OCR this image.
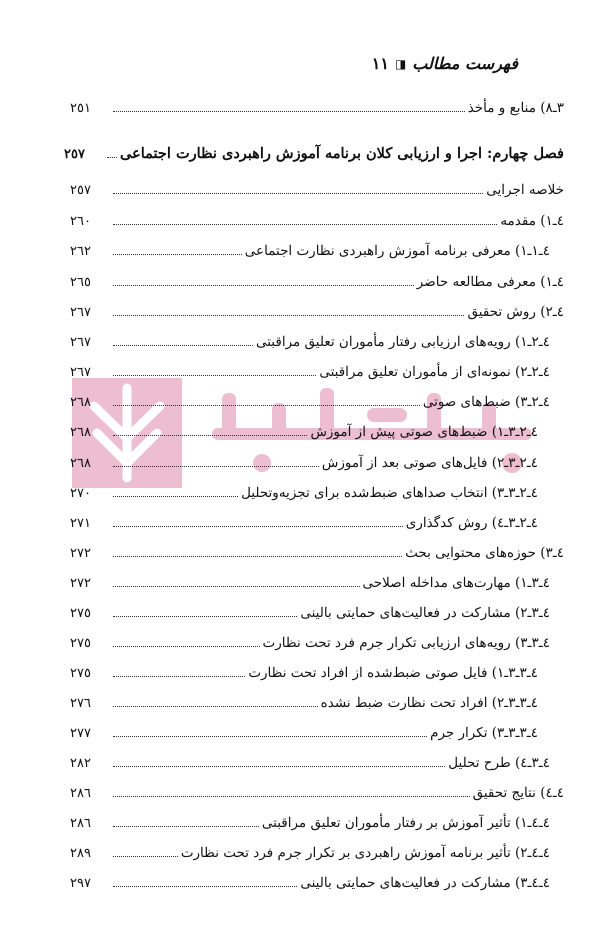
فهرست مطالب
◨
١١
٣ـ٨) منابع و مأخذ
٢٥١
فصل چهارم: اجرا و ارزیابی کلان برنامه آموزش راهبردی نظارت اجتماعی
٢٥٧
خلاصه اجرایی
٢٥٧
٤ـ١) مقدمه
٢٦٠
٤ـ١ـ١) معرفی برنامه آموزش راهبردی نظارت اجتماعی
٢٦٢
٤ـ١) معرفی مطالعه حاضر
٢٦٥
٤ـ٢) روش تحقیق
٢٦٧
٤ـ٢ـ١) رویه‌های ارزیابی رفتار مأموران تعلیق مراقبتی
٢٦٧
٤ـ٢ـ٢) نمونه‌ای از مأموران تعلیق مراقبتی
٢٦٧
٤ـ٢ـ٣) ضبط‌های صوتی
٢٦٨
٤ـ٢ـ٣ـ١) ضبط‌های صوتی پیش از آموزش
٢٦٨
٤ـ٢ـ٣ـ٢) فایل‌های صوتی بعد از آموزش
٢٦٨
٤ـ٢ـ٣ـ٣) انتخاب صداهای ضبط‌شده برای تجزیه‌وتحلیل
٢٧٠
٤ـ٢ـ٣ـ٤) روش کدگذاری
٢٧١
٤ـ٣) حوزه‌های محتوایی بحث
٢٧٢
٤ـ٣ـ١) مهارت‌های مداخله اصلاحی
٢٧٢
٤ـ٣ـ٢) مشارکت در فعالیت‌های حمایتی بالینی
٢٧٥
٤ـ٣ـ٣) رویه‌های ارزیابی تکرار جرم فرد تحت نظارت
٢٧٥
٤ـ٣ـ٣ـ١) فایل صوتی ضبط‌شده از افراد تحت نظارت
٢٧٥
٤ـ٣ـ٣ـ٢) افراد تحت نظارت ضبط نشده
٢٧٦
٤ـ٣ـ٣ـ٣) تکرار جرم
٢٧٧
٤ـ٣ـ٤) طرح تحلیل
٢٨٢
٤ـ٤) نتایج تحقیق
٢٨٦
٤ـ٤ـ١) تأثیر آموزش بر رفتار مأموران تعلیق مراقبتی
٢٨٦
٤ـ٤ـ٢) تأثیر برنامه آموزش راهبردی بر تکرار جرم فرد تحت نظارت
٢٨٩
٤ـ٤ـ٣) مشارکت در فعالیت‌های حمایتی بالینی
٢٩٧
